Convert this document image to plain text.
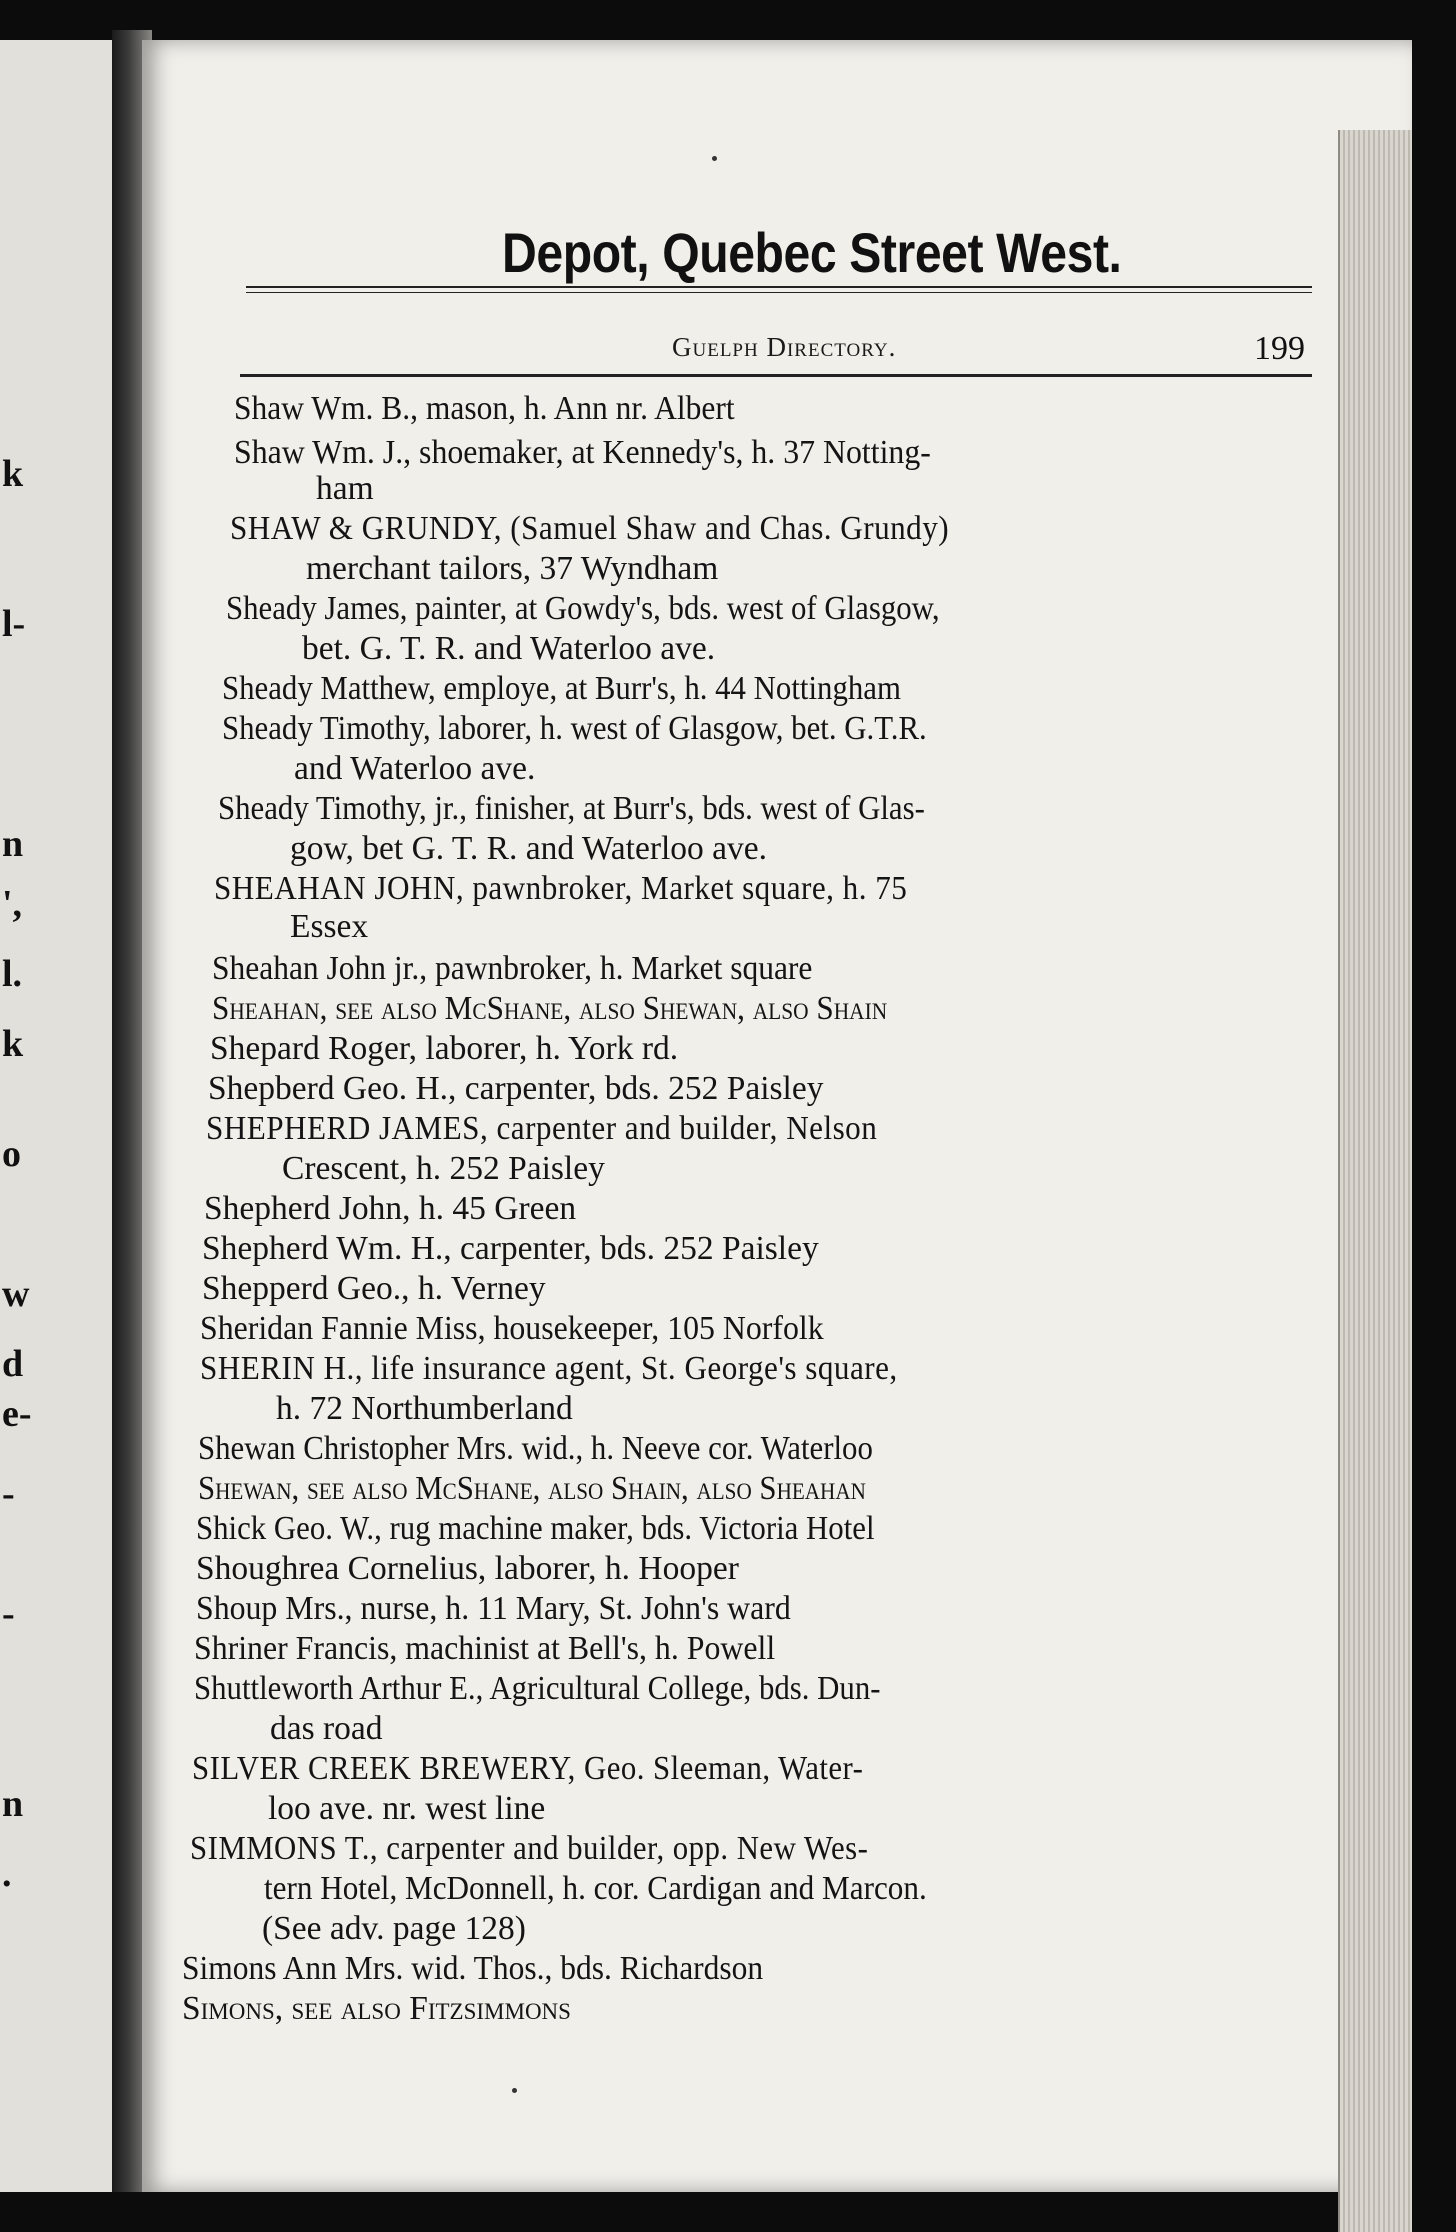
k
l-
n
',
l.
k
o
w
d
e-
-
-
n
.
Depot, Quebec Street West.
Guelph Directory.	199
Shaw Wm. B., mason, h. Ann nr. Albert
Shaw Wm. J., shoemaker, at Kennedy's, h. 37 Notting-
ham
SHAW & GRUNDY, (Samuel Shaw and Chas. Grundy)
merchant tailors, 37 Wyndham
Sheady James, painter, at Gowdy's, bds. west of Glasgow,
bet. G. T. R. and Waterloo ave.
Sheady Matthew, employe, at Burr's, h. 44 Nottingham
Sheady Timothy, laborer, h. west of Glasgow, bet. G.T.R.
and Waterloo ave.
Sheady Timothy, jr., finisher, at Burr's, bds. west of Glas-
gow, bet G. T. R. and Waterloo ave.
SHEAHAN JOHN, pawnbroker, Market square, h. 75
Essex
Sheahan John jr., pawnbroker, h. Market square
Sheahan, see also McShane, also Shewan, also Shain
Shepard Roger, laborer, h. York rd.
Shepberd Geo. H., carpenter, bds. 252 Paisley
SHEPHERD JAMES, carpenter and builder, Nelson
Crescent, h. 252 Paisley
Shepherd John, h. 45 Green
Shepherd Wm. H., carpenter, bds. 252 Paisley
Shepperd Geo., h. Verney
Sheridan Fannie Miss, housekeeper, 105 Norfolk
SHERIN H., life insurance agent, St. George's square,
h. 72 Northumberland
Shewan Christopher Mrs. wid., h. Neeve cor. Waterloo
Shewan, see also McShane, also Shain, also Sheahan
Shick Geo. W., rug machine maker, bds. Victoria Hotel
Shoughrea Cornelius, laborer, h. Hooper
Shoup Mrs., nurse, h. 11 Mary, St. John's ward
Shriner Francis, machinist at Bell's, h. Powell
Shuttleworth Arthur E., Agricultural College, bds. Dun-
das road
SILVER CREEK BREWERY, Geo. Sleeman, Water-
loo ave. nr. west line
SIMMONS T., carpenter and builder, opp. New Wes-
tern Hotel, McDonnell, h. cor. Cardigan and Marcon.
(See adv. page 128)
Simons Ann Mrs. wid. Thos., bds. Richardson
Simons, see also Fitzsimmons
